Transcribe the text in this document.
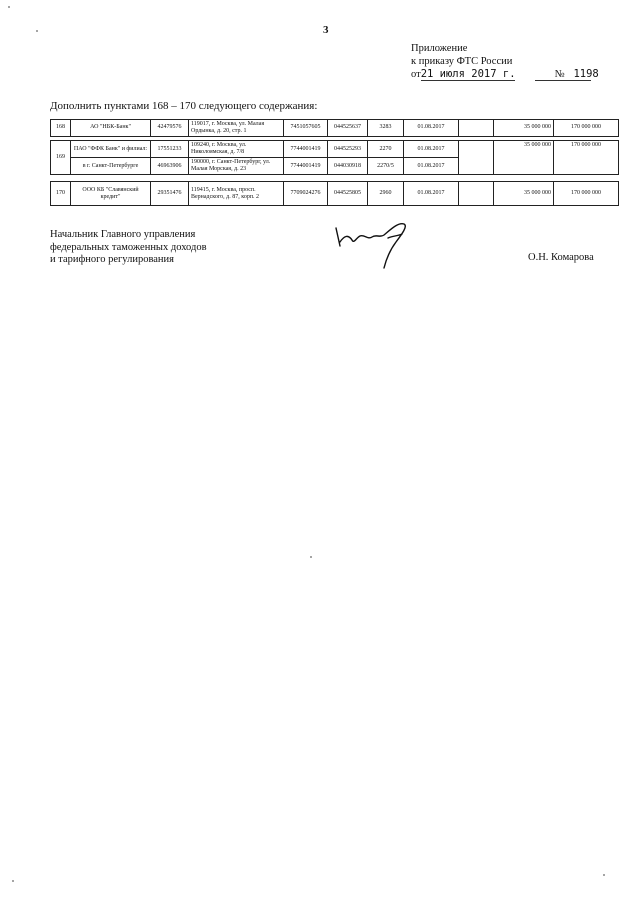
3
Приложение
к приказу ФТС России
от21 июля 2017 г.	№ 1198
Дополнить пунктами 168 – 170 следующего содержания:
168	АО "НБК-Банк"	42479576	119017, г. Москва, ул. Малая Ордынка, д. 20, стр. 1	7451057605	044525637	3283	01.08.2017		35 000 000	170 000 000
169	ПАО "ФФК Банк" и филиал:	17551233	109240, г. Москва, ул. Николоямская, д. 7/8	7744001419	044525293	2270	01.08.2017		35 000 000	170 000 000
	в г. Санкт-Петербурге	46963906	190000, г. Санкт-Петербург, ул. Малая Морская, д. 23	7744001419	044030918	2270/5	01.08.2017			
170	ООО КБ "Славянский кредит"	29351476	119415, г. Москва, просп. Вернадского, д. 87, корп. 2	7709024276	044525805	2960	01.08.2017		35 000 000	170 000 000
Начальник Главного управления
федеральных таможенных доходов
и тарифного регулирования	О.Н. Комарова
